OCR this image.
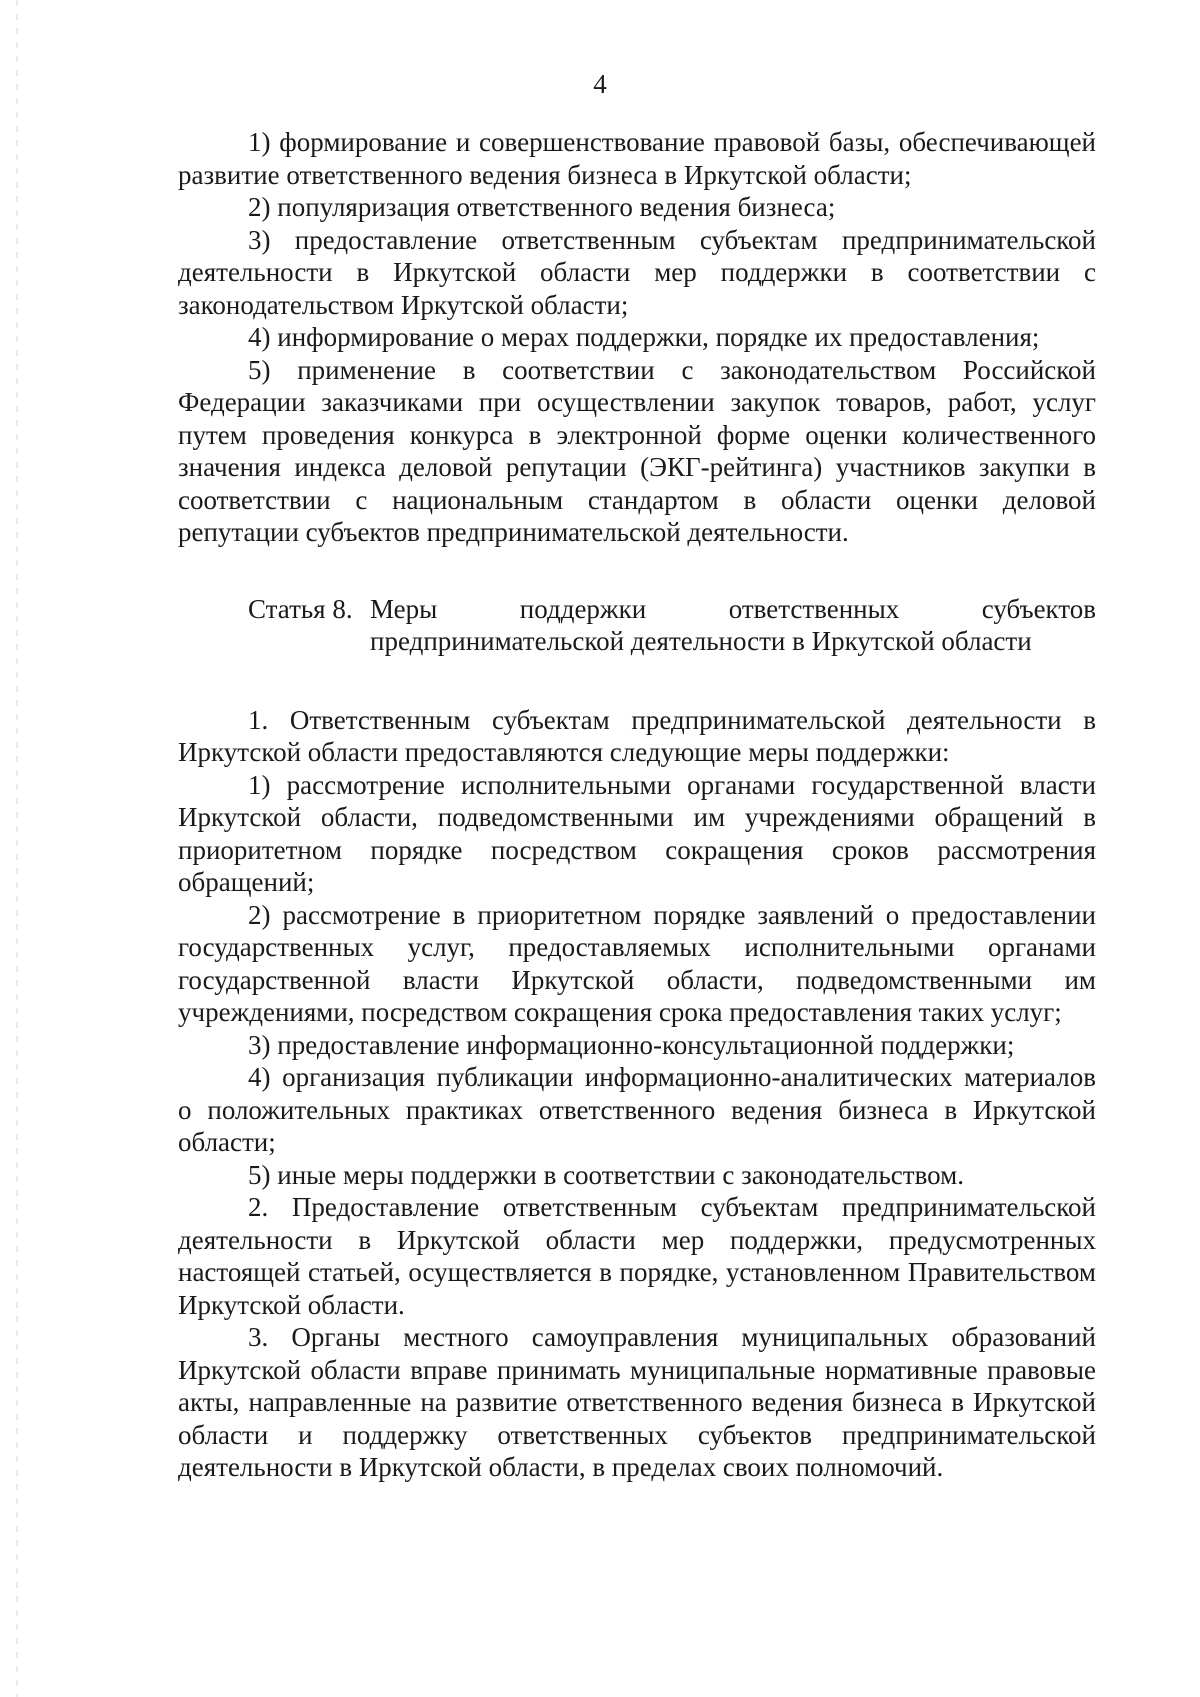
4

1) формирование и совершенствование правовой базы, обеспечивающей развитие ответственного ведения бизнеса в Иркутской области;

2) популяризация ответственного ведения бизнеса;

3) предоставление ответственным субъектам предпринимательской деятельности в Иркутской области мер поддержки в соответствии с законодательством Иркутской области;

4) информирование о мерах поддержки, порядке их предоставления;

5) применение в соответствии с законодательством Российской Федерации заказчиками при осуществлении закупок товаров, работ, услуг путем проведения конкурса в электронной форме оценки количественного значения индекса деловой репутации (ЭКГ-рейтинга) участников закупки в соответствии с национальным стандартом в области оценки деловой репутации субъектов предпринимательской деятельности.

Статья 8. Меры поддержки ответственных субъектов
предпринимательской деятельности в Иркутской области

1. Ответственным субъектам предпринимательской деятельности в Иркутской области предоставляются следующие меры поддержки:

1) рассмотрение исполнительными органами государственной власти Иркутской области, подведомственными им учреждениями обращений в приоритетном порядке посредством сокращения сроков рассмотрения обращений;

2) рассмотрение в приоритетном порядке заявлений о предоставлении государственных услуг, предоставляемых исполнительными органами государственной власти Иркутской области, подведомственными им учреждениями, посредством сокращения срока предоставления таких услуг;

3) предоставление информационно-консультационной поддержки;

4) организация публикации информационно-аналитических материалов о положительных практиках ответственного ведения бизнеса в Иркутской области;

5) иные меры поддержки в соответствии с законодательством.

2. Предоставление ответственным субъектам предпринимательской деятельности в Иркутской области мер поддержки, предусмотренных настоящей статьей, осуществляется в порядке, установленном Правительством Иркутской области.

3. Органы местного самоуправления муниципальных образований Иркутской области вправе принимать муниципальные нормативные правовые акты, направленные на развитие ответственного ведения бизнеса в Иркутской области и поддержку ответственных субъектов предпринимательской деятельности в Иркутской области, в пределах своих полномочий.
